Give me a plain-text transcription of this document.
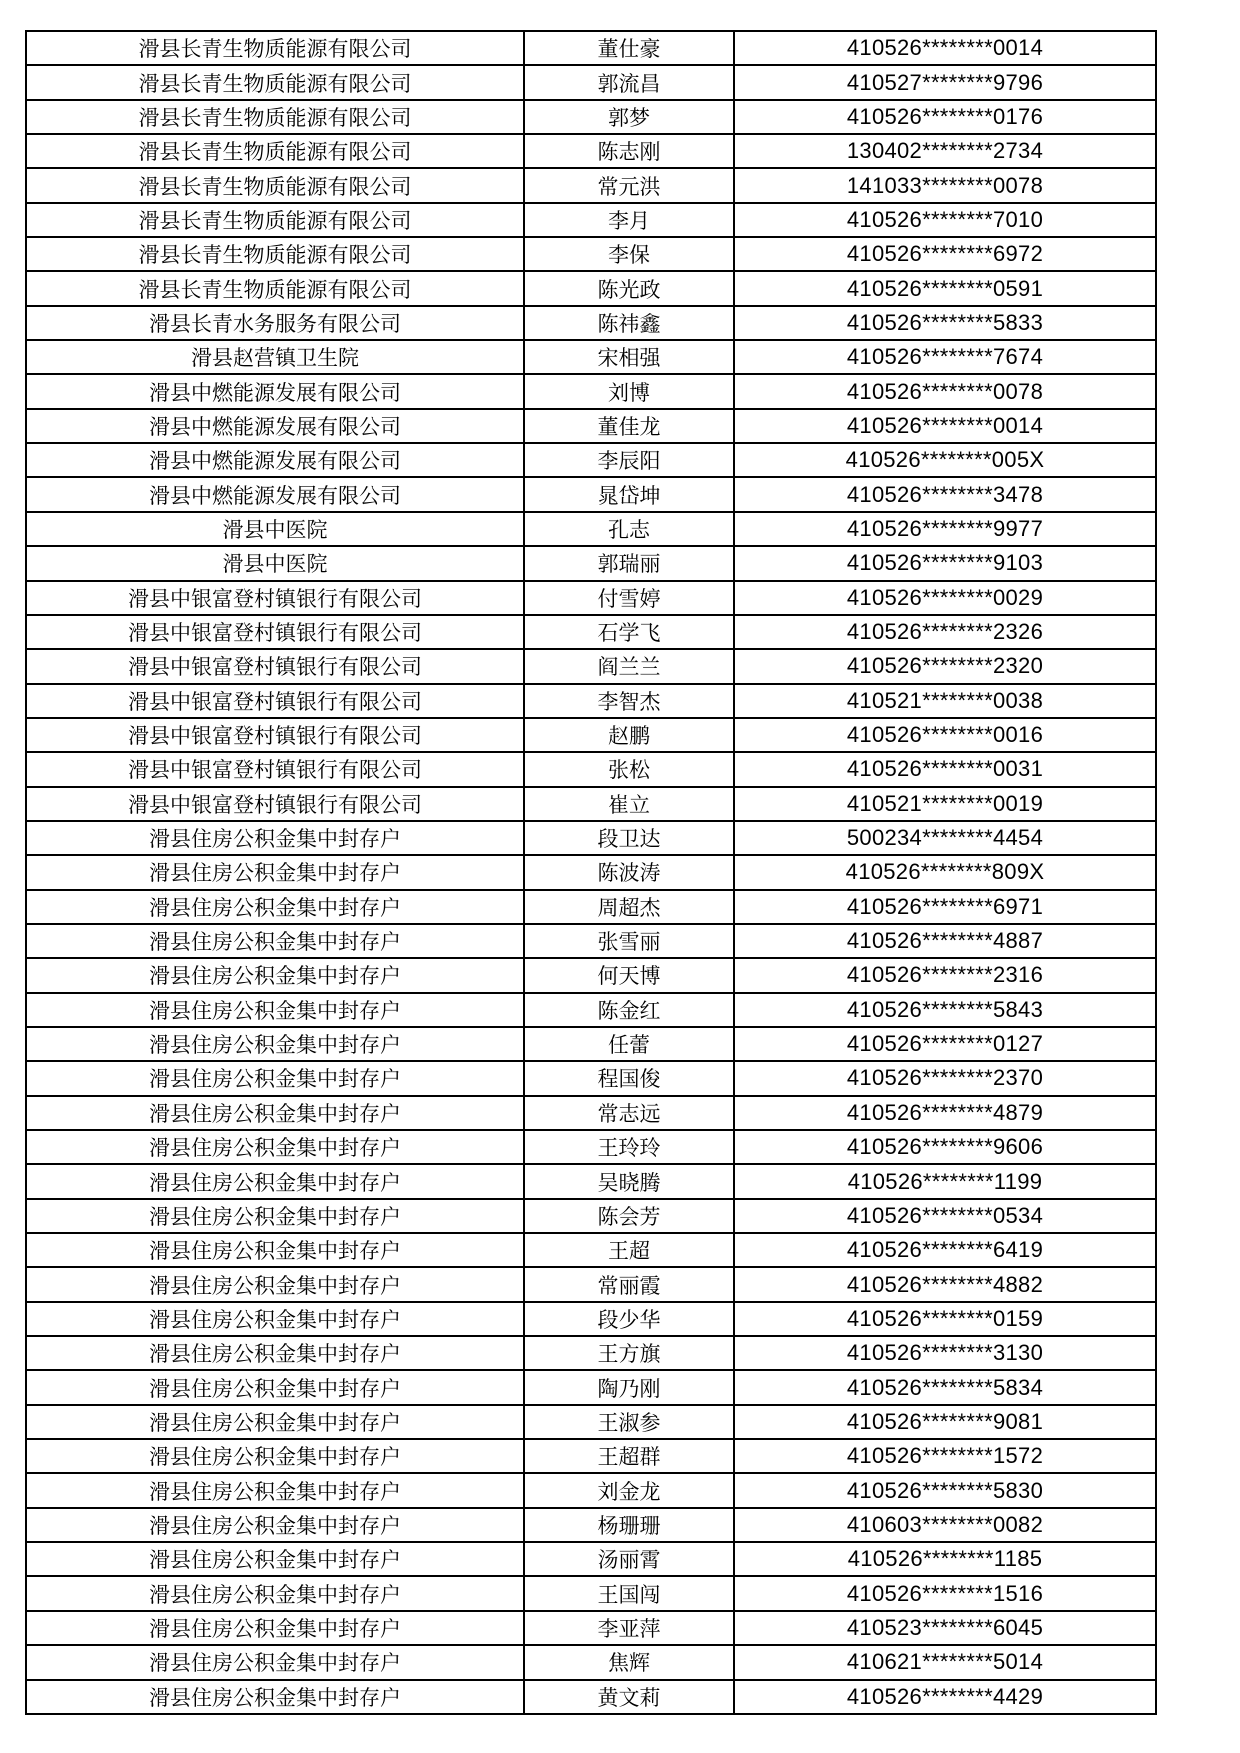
滑县长青生物质能源有限公司	董仕豪	410526********0014
滑县长青生物质能源有限公司	郭流昌	410527********9796
滑县长青生物质能源有限公司	郭梦	410526********0176
滑县长青生物质能源有限公司	陈志刚	130402********2734
滑县长青生物质能源有限公司	常元洪	141033********0078
滑县长青生物质能源有限公司	李月	410526********7010
滑县长青生物质能源有限公司	李保	410526********6972
滑县长青生物质能源有限公司	陈光政	410526********0591
滑县长青水务服务有限公司	陈祎鑫	410526********5833
滑县赵营镇卫生院	宋相强	410526********7674
滑县中燃能源发展有限公司	刘博	410526********0078
滑县中燃能源发展有限公司	董佳龙	410526********0014
滑县中燃能源发展有限公司	李辰阳	410526********005X
滑县中燃能源发展有限公司	晁岱坤	410526********3478
滑县中医院	孔志	410526********9977
滑县中医院	郭瑞丽	410526********9103
滑县中银富登村镇银行有限公司	付雪婷	410526********0029
滑县中银富登村镇银行有限公司	石学飞	410526********2326
滑县中银富登村镇银行有限公司	阎兰兰	410526********2320
滑县中银富登村镇银行有限公司	李智杰	410521********0038
滑县中银富登村镇银行有限公司	赵鹏	410526********0016
滑县中银富登村镇银行有限公司	张松	410526********0031
滑县中银富登村镇银行有限公司	崔立	410521********0019
滑县住房公积金集中封存户	段卫达	500234********4454
滑县住房公积金集中封存户	陈波涛	410526********809X
滑县住房公积金集中封存户	周超杰	410526********6971
滑县住房公积金集中封存户	张雪丽	410526********4887
滑县住房公积金集中封存户	何天博	410526********2316
滑县住房公积金集中封存户	陈金红	410526********5843
滑县住房公积金集中封存户	任蕾	410526********0127
滑县住房公积金集中封存户	程国俊	410526********2370
滑县住房公积金集中封存户	常志远	410526********4879
滑县住房公积金集中封存户	王玲玲	410526********9606
滑县住房公积金集中封存户	吴晓腾	410526********1199
滑县住房公积金集中封存户	陈会芳	410526********0534
滑县住房公积金集中封存户	王超	410526********6419
滑县住房公积金集中封存户	常丽霞	410526********4882
滑县住房公积金集中封存户	段少华	410526********0159
滑县住房公积金集中封存户	王方旗	410526********3130
滑县住房公积金集中封存户	陶乃刚	410526********5834
滑县住房公积金集中封存户	王淑参	410526********9081
滑县住房公积金集中封存户	王超群	410526********1572
滑县住房公积金集中封存户	刘金龙	410526********5830
滑县住房公积金集中封存户	杨珊珊	410603********0082
滑县住房公积金集中封存户	汤丽霄	410526********1185
滑县住房公积金集中封存户	王国闯	410526********1516
滑县住房公积金集中封存户	李亚萍	410523********6045
滑县住房公积金集中封存户	焦辉	410621********5014
滑县住房公积金集中封存户	黄文莉	410526********4429
